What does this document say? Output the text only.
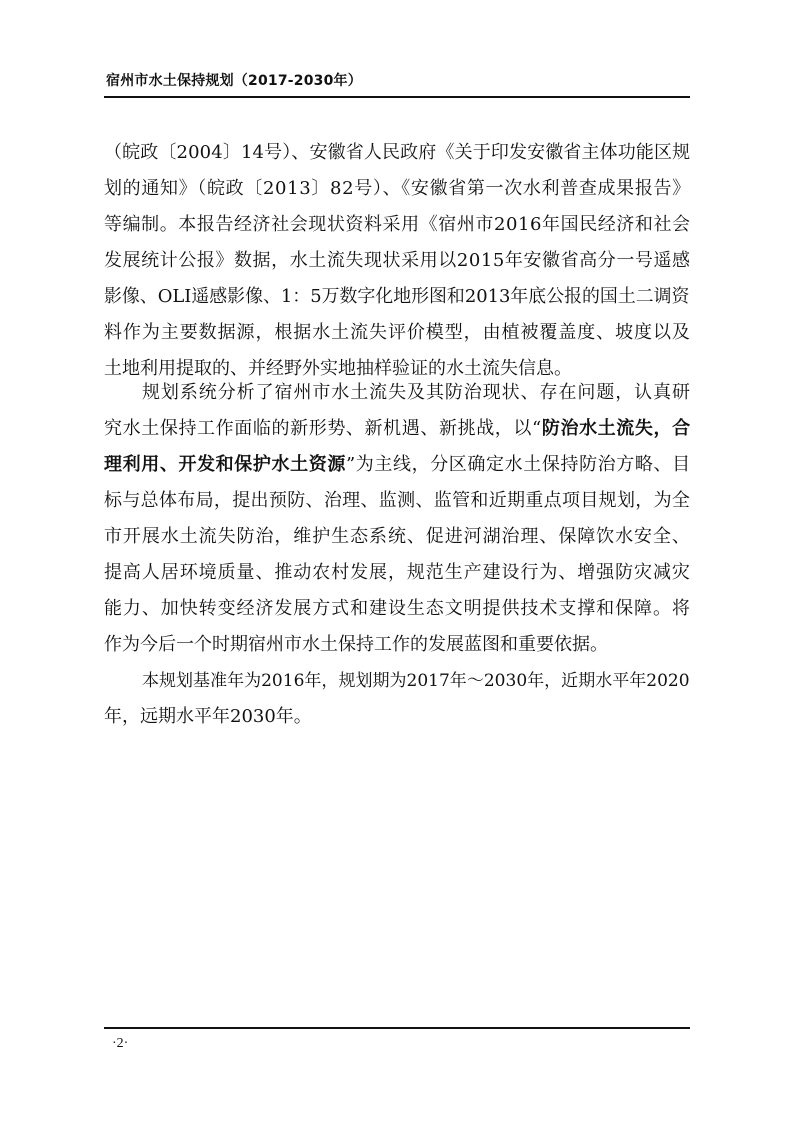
宿州市水土保持规划（2017-2030年）
（皖政〔2004〕14号）、安徽省人民政府《关于印发安徽省主体功能区规
划的通知》（皖政〔2013〕82号）、《安徽省第一次水利普查成果报告》
等编制。本报告经济社会现状资料采用《宿州市2016年国民经济和社会
发展统计公报》数据，水土流失现状采用以2015年安徽省高分一号遥感
影像、OLI遥感影像、1：5万数字化地形图和2013年底公报的国土二调资
料作为主要数据源，根据水土流失评价模型，由植被覆盖度、坡度以及
土地利用提取的、并经野外实地抽样验证的水土流失信息。
规划系统分析了宿州市水土流失及其防治现状、存在问题，认真研
究水土保持工作面临的新形势、新机遇、新挑战，以“防治水土流失，合
理利用、开发和保护水土资源”为主线，分区确定水土保持防治方略、目
标与总体布局，提出预防、治理、监测、监管和近期重点项目规划，为全
市开展水土流失防治，维护生态系统、促进河湖治理、保障饮水安全、
提高人居环境质量、推动农村发展，规范生产建设行为、增强防灾减灾
能力、加快转变经济发展方式和建设生态文明提供技术支撑和保障。将
作为今后一个时期宿州市水土保持工作的发展蓝图和重要依据。
本规划基准年为2016年，规划期为2017年～2030年，近期水平年2020
年，远期水平年2030年。
·2·
